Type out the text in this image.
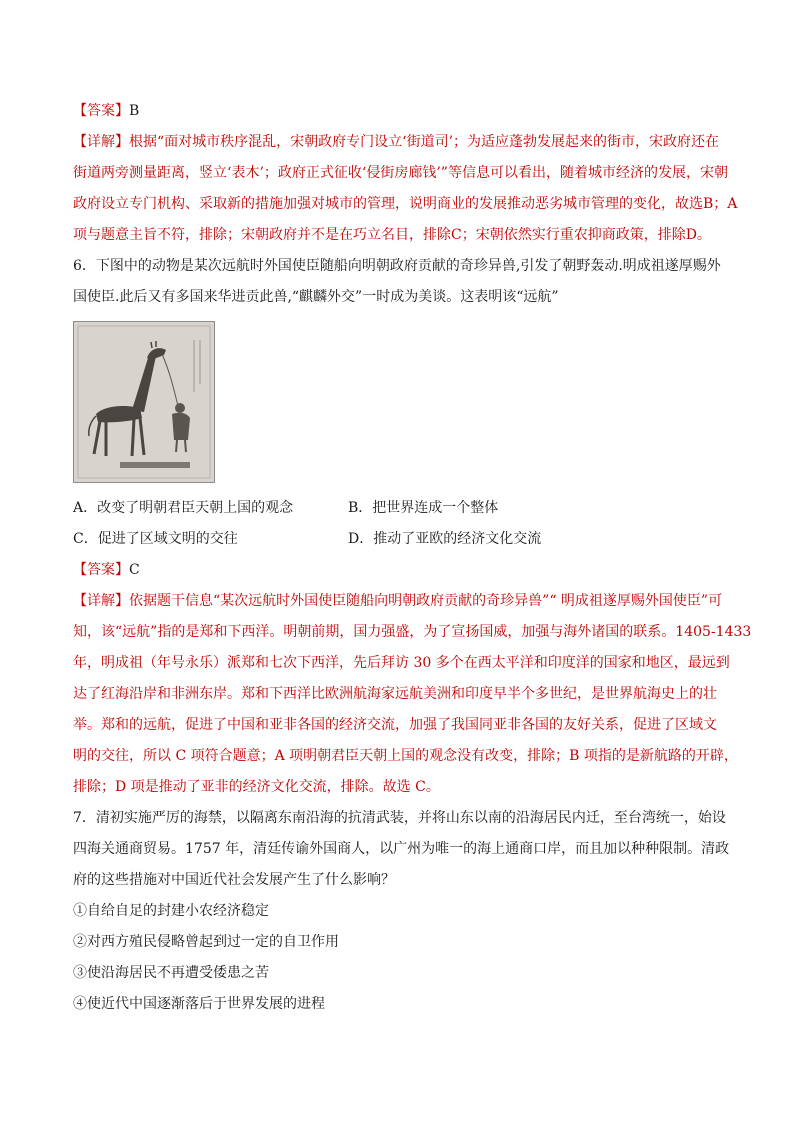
【答案】B
【详解】根据“面对城市秩序混乱，宋朝政府专门设立‘街道司’；为适应蓬勃发展起来的街市，宋政府还在
街道两旁测量距离，竖立‘表木’；政府正式征收‘侵街房廊钱’”等信息可以看出，随着城市经济的发展，宋朝
政府设立专门机构、采取新的措施加强对城市的管理，说明商业的发展推动恶劣城市管理的变化，故选B；A
项与题意主旨不符，排除；宋朝政府并不是在巧立名目，排除C；宋朝依然实行重农抑商政策，排除D。
6．下图中的动物是某次远航时外国使臣随船向明朝政府贡献的奇珍异兽,引发了朝野轰动.明成祖遂厚赐外
国使臣.此后又有多国来华进贡此兽,“麒麟外交”一时成为美谈。这表明该“远航”
A．改变了明朝君臣天朝上国的观念	B．把世界连成一个整体
C．促进了区域文明的交往	D．推动了亚欧的经济文化交流
【答案】C
【详解】依据题干信息“某次远航时外国使臣随船向明朝政府贡献的奇珍异兽”“ 明成祖遂厚赐外国使臣”可
知，该“远航”指的是郑和下西洋。明朝前期，国力强盛，为了宣扬国威，加强与海外诸国的联系。1405-1433
年，明成祖（年号永乐）派郑和七次下西洋，先后拜访 30 多个在西太平洋和印度洋的国家和地区，最远到
达了红海沿岸和非洲东岸。郑和下西洋比欧洲航海家远航美洲和印度早半个多世纪，是世界航海史上的壮
举。郑和的远航，促进了中国和亚非各国的经济交流，加强了我国同亚非各国的友好关系，促进了区域文
明的交往，所以 C 项符合题意；A 项明朝君臣天朝上国的观念没有改变，排除；B 项指的是新航路的开辟，
排除；D 项是推动了亚非的经济文化交流，排除。故选 C。
7．清初实施严厉的海禁，以隔离东南沿海的抗清武装，并将山东以南的沿海居民内迁，至台湾统一，始设
四海关通商贸易。1757 年，清廷传谕外国商人，以广州为唯一的海上通商口岸，而且加以种种限制。清政
府的这些措施对中国近代社会发展产生了什么影响？
①自给自足的封建小农经济稳定
②对西方殖民侵略曾起到过一定的自卫作用
③使沿海居民不再遭受倭患之苦
④使近代中国逐渐落后于世界发展的进程
